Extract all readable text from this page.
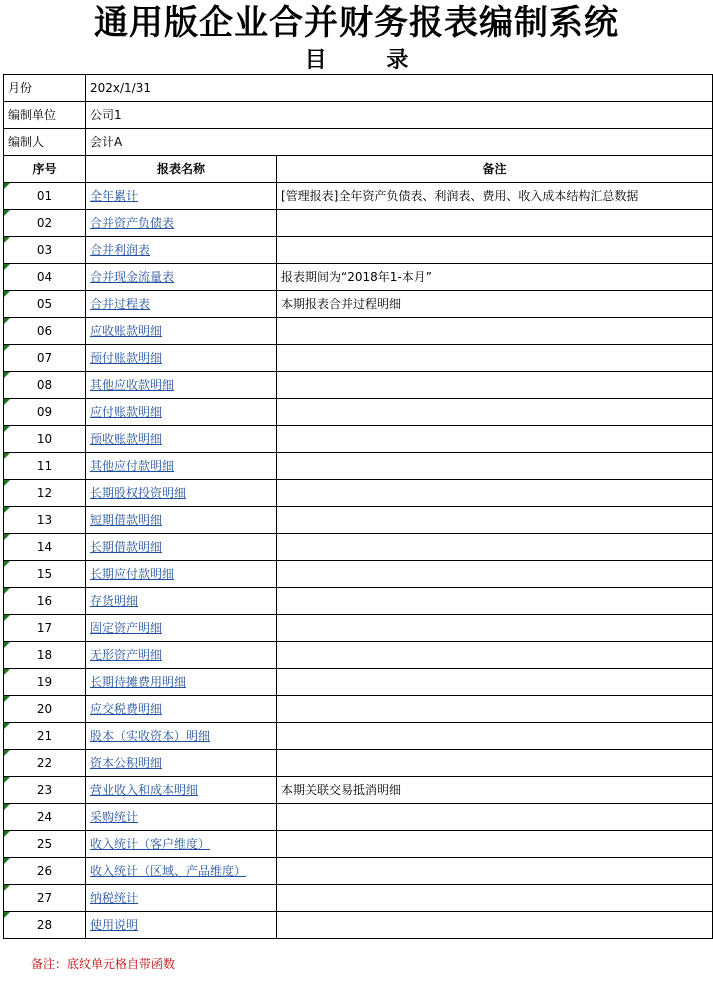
通用版企业合并财务报表编制系统
目 录
月份	202x/1/31	
编制单位	公司1	
编制人	会计A	
序号	报表名称	备注
01	全年累计	[管理报表]全年资产负债表、利润表、费用、收入成本结构汇总数据
02	合并资产负债表	
03	合并利润表	
04	合并现金流量表	报表期间为“2018年1-本月”
05	合并过程表	本期报表合并过程明细
06	应收账款明细	
07	预付账款明细	
08	其他应收款明细	
09	应付账款明细	
10	预收账款明细	
11	其他应付款明细	
12	长期股权投资明细	
13	短期借款明细	
14	长期借款明细	
15	长期应付款明细	
16	存货明细	
17	固定资产明细	
18	无形资产明细	
19	长期待摊费用明细	
20	应交税费明细	
21	股本（实收资本）明细	
22	资本公积明细	
23	营业收入和成本明细	本期关联交易抵消明细
24	采购统计	
25	收入统计（客户维度）	
26	收入统计（区域、产品维度）	
27	纳税统计	
28	使用说明	
备注：底纹单元格自带函数
